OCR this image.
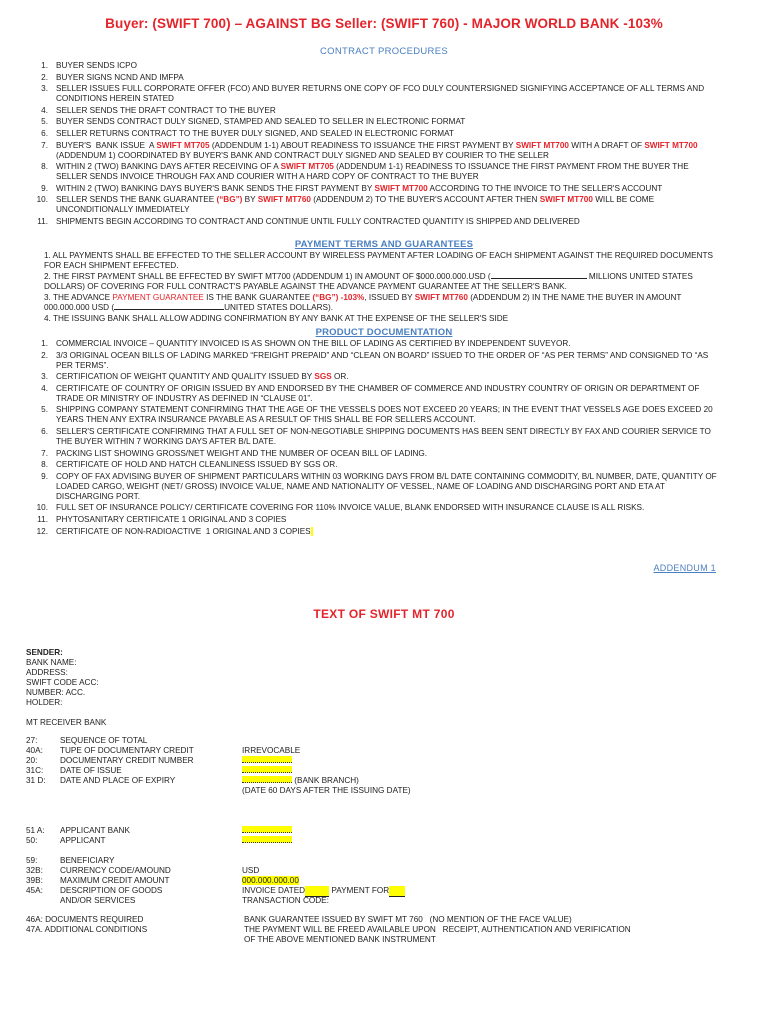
Buyer: (SWIFT 700) – AGAINST BG Seller: (SWIFT 760) - MAJOR WORLD BANK -103%
CONTRACT PROCEDURES
1. BUYER SENDS ICPO
2. BUYER SIGNS NCND AND IMFPA
3. SELLER ISSUES FULL CORPORATE OFFER (FCO) AND BUYER RETURNS ONE COPY OF FCO DULY COUNTERSIGNED SIGNIFYING ACCEPTANCE OF ALL TERMS AND CONDITIONS HEREIN STATED
4. SELLER SENDS THE DRAFT CONTRACT TO THE BUYER
5. BUYER SENDS CONTRACT DULY SIGNED, STAMPED AND SEALED TO SELLER IN ELECTRONIC FORMAT
6. SELLER RETURNS CONTRACT TO THE BUYER DULY SIGNED, AND SEALED IN ELECTRONIC FORMAT
7. BUYER'S  BANK ISSUE  A SWIFT MT705 (ADDENDUM 1-1) ABOUT READINESS TO ISSUANCE THE FIRST PAYMENT BY SWIFT MT700 WITH A DRAFT OF SWIFT MT700 (ADDENDUM 1) COORDINATED BY BUYER'S BANK AND CONTRACT DULY SIGNED AND SEALED BY COURIER TO THE SELLER
8. WITHIN 2 (TWO) BANKING DAYS AFTER RECEIVING OF A SWIFT MT705 (ADDENDUM 1-1) READINESS TO ISSUANCE THE FIRST PAYMENT FROM THE BUYER THE SELLER SENDS INVOICE THROUGH FAX AND COURIER WITH A HARD COPY OF CONTRACT TO THE BUYER
9. WITHIN 2 (TWO) BANKING DAYS BUYER'S BANK SENDS THE FIRST PAYMENT BY SWIFT MT700 ACCORDING TO THE INVOICE TO THE SELLER'S ACCOUNT
10. SELLER SENDS THE BANK GUARANTEE (“BG”) BY SWIFT MT760 (ADDENDUM 2) TO THE BUYER'S ACCOUNT AFTER THEN SWIFT MT700 WILL BE COME UNCONDITIONALLY IMMEDIATELY
11. SHIPMENTS BEGIN ACCORDING TO CONTRACT AND CONTINUE UNTIL FULLY CONTRACTED QUANTITY IS SHIPPED AND DELIVERED
PAYMENT TERMS AND GUARANTEES

1. ALL PAYMENTS SHALL BE EFFECTED TO THE SELLER ACCOUNT BY WIRELESS PAYMENT AFTER LOADING OF EACH SHIPMENT AGAINST THE REQUIRED DOCUMENTS FOR EACH SHIPMENT EFFECTED.

2. THE FIRST PAYMENT SHALL BE EFFECTED BY SWIFT MT700 (ADDENDUM 1) IN AMOUNT OF $000.000.000.USD (	MILLIONS UNITED STATES DOLLARS) OF COVERING FOR FULL CONTRACT'S PAYABLE AGAINST THE ADVANCE PAYMENT GUARANTEE AT THE SELLER'S BANK.

3. THE ADVANCE PAYMENT GUARANTEE IS THE BANK GUARANTEE (“BG”) -103%, ISSUED BY SWIFT MT760 (ADDENDUM 2) IN THE NAME THE BUYER IN AMOUNT 000.000.000 USD (	UNITED STATES DOLLARS).

4. THE ISSUING BANK SHALL ALLOW ADDING CONFIRMATION BY ANY BANK AT THE EXPENSE OF THE SELLER'S SIDE

PRODUCT DOCUMENTATION
1. COMMERCIAL INVOICE – QUANTITY INVOICED IS AS SHOWN ON THE BILL OF LADING AS CERTIFIED BY INDEPENDENT SUVEYOR.
2. 3/3 ORIGINAL OCEAN BILLS OF LADING MARKED “FREIGHT PREPAID” AND “CLEAN ON BOARD” ISSUED TO THE ORDER OF “AS PER TERMS” AND CONSIGNED TO “AS PER TERMS”.
3. CERTIFICATION OF WEIGHT QUANTITY AND QUALITY ISSUED BY SGS OR.
4. CERTIFICATE OF COUNTRY OF ORIGIN ISSUED BY AND ENDORSED BY THE CHAMBER OF COMMERCE AND INDUSTRY COUNTRY OF ORIGIN OR DEPARTMENT OF TRADE OR MINISTRY OF INDUSTRY AS DEFINED IN “CLAUSE 01”.
5. SHIPPING COMPANY STATEMENT CONFIRMING THAT THE AGE OF THE VESSELS DOES NOT EXCEED 20 YEARS; IN THE EVENT THAT VESSELS AGE DOES EXCEED 20 YEARS THEN ANY EXTRA INSURANCE PAYABLE AS A RESULT OF THIS SHALL BE FOR SELLERS ACCOUNT.
6. SELLER'S CERTIFICATE CONFIRMING THAT A FULL SET OF NON-NEGOTIABLE SHIPPING DOCUMENTS HAS BEEN SENT DIRECTLY BY FAX AND COURIER SERVICE TO THE BUYER WITHIN 7 WORKING DAYS AFTER B/L DATE.
7. PACKING LIST SHOWING GROSS/NET WEIGHT AND THE NUMBER OF OCEAN BILL OF LADING.
8. CERTIFICATE OF HOLD AND HATCH CLEANLINESS ISSUED BY SGS OR.
9. COPY OF FAX ADVISING BUYER OF SHIPMENT PARTICULARS WITHIN 03 WORKING DAYS FROM B/L DATE CONTAINING COMMODITY, B/L NUMBER, DATE, QUANTITY OF LOADED CARGO, WEIGHT (NET/ GROSS) INVOICE VALUE, NAME AND NATIONALITY OF VESSEL, NAME OF LOADING AND DISCHARGING PORT AND ETA AT DISCHARGING PORT.
10. FULL SET OF INSURANCE POLICY/ CERTIFICATE COVERING FOR 110% INVOICE VALUE, BLANK ENDORSED WITH INSURANCE CLAUSE IS ALL RISKS.
11. PHYTOSANITARY CERTIFICATE 1 ORIGINAL AND 3 COPIES
12. CERTIFICATE OF NON-RADIOACTIVE  1 ORIGINAL AND 3 COPIES
ADDENDUM 1
TEXT OF SWIFT MT 700
SENDER:
BANK NAME:
ADDRESS:
SWIFT CODE ACC:
NUMBER: ACC.
HOLDER:
MT RECEIVER BANK
27:	SEQUENCE OF TOTAL
40A: TUPE OF DOCUMENTARY CREDIT	IRREVOCABLE
20:	DOCUMENTARY CREDIT NUMBER
31C: DATE OF ISSUE
31 D: DATE AND PLACE OF EXPIRY	(BANK BRANCH)
(DATE 60 DAYS AFTER THE ISSUING DATE)
51 A: APPLICANT BANK
50:	APPLICANT
59:	BENEFICIARY
32B: CURRENCY CODE/AMOUND	USD
39B: MAXIMUM CREDIT AMOUNT	000.000.000.00
45A: DESCRIPTION OF GOODS	INVOICE DATED	PAYMENT FOR
AND/OR SERVICES	TRANSACTION CODE:
46A: DOCUMENTS REQUIRED	BANK GUARANTEE ISSUED BY SWIFT MT 760   (NO MENTION OF THE FACE VALUE)
47A. ADDITIONAL CONDITIONS	THE PAYMENT WILL BE FREED AVAILABLE UPON   RECEIPT, AUTHENTICATION AND VERIFICATION
OF THE ABOVE MENTIONED BANK INSTRUMENT
